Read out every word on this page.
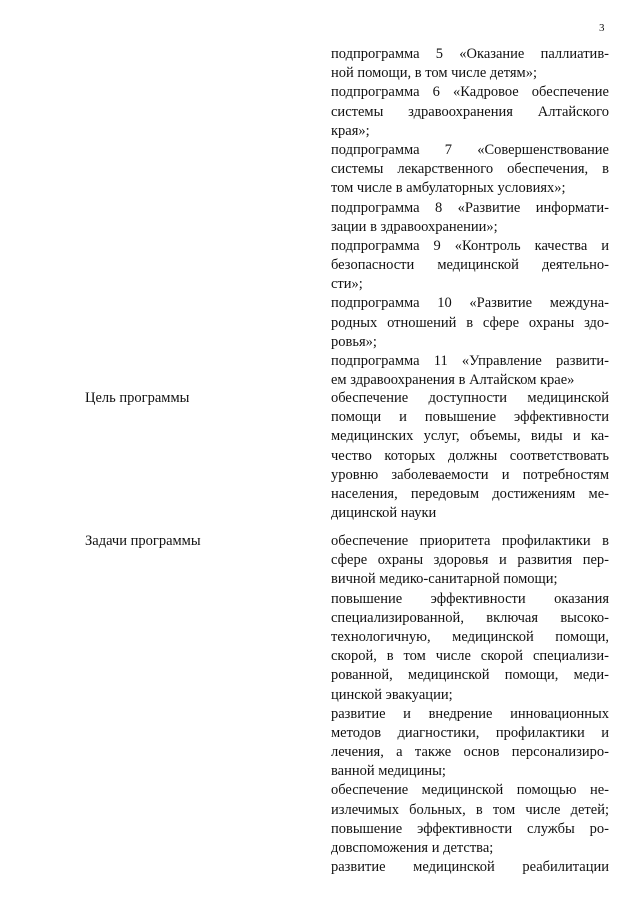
3
подпрограмма 5 «Оказание паллиатив-
ной помощи, в том числе детям»;
подпрограмма 6 «Кадровое обеспечение
системы здравоохранения Алтайского
края»;
подпрограмма 7 «Совершенствование
системы лекарственного обеспечения, в
том числе в амбулаторных условиях»;
подпрограмма 8 «Развитие информати-
зации в здравоохранении»;
подпрограмма 9 «Контроль качества и
безопасности медицинской деятельно-
сти»;
подпрограмма 10 «Развитие междуна-
родных отношений в сфере охраны здо-
ровья»;
подпрограмма 11 «Управление развити-
ем здравоохранения в Алтайском крае»
Цель программы	обеспечение доступности медицинской
помощи и повышение эффективности
медицинских услуг, объемы, виды и ка-
чество которых должны соответствовать
уровню заболеваемости и потребностям
населения, передовым достижениям ме-
дицинской науки
Задачи программы	обеспечение приоритета профилактики в
сфере охраны здоровья и развития пер-
вичной медико-санитарной помощи;
повышение эффективности оказания
специализированной, включая высоко-
технологичную, медицинской помощи,
скорой, в том числе скорой специализи-
рованной, медицинской помощи, меди-
цинской эвакуации;
развитие и внедрение инновационных
методов диагностики, профилактики и
лечения, а также основ персонализиро-
ванной медицины;
обеспечение медицинской помощью не-
излечимых больных, в том числе детей;
повышение эффективности службы ро-
довспоможения и детства;
развитие медицинской реабилитации
